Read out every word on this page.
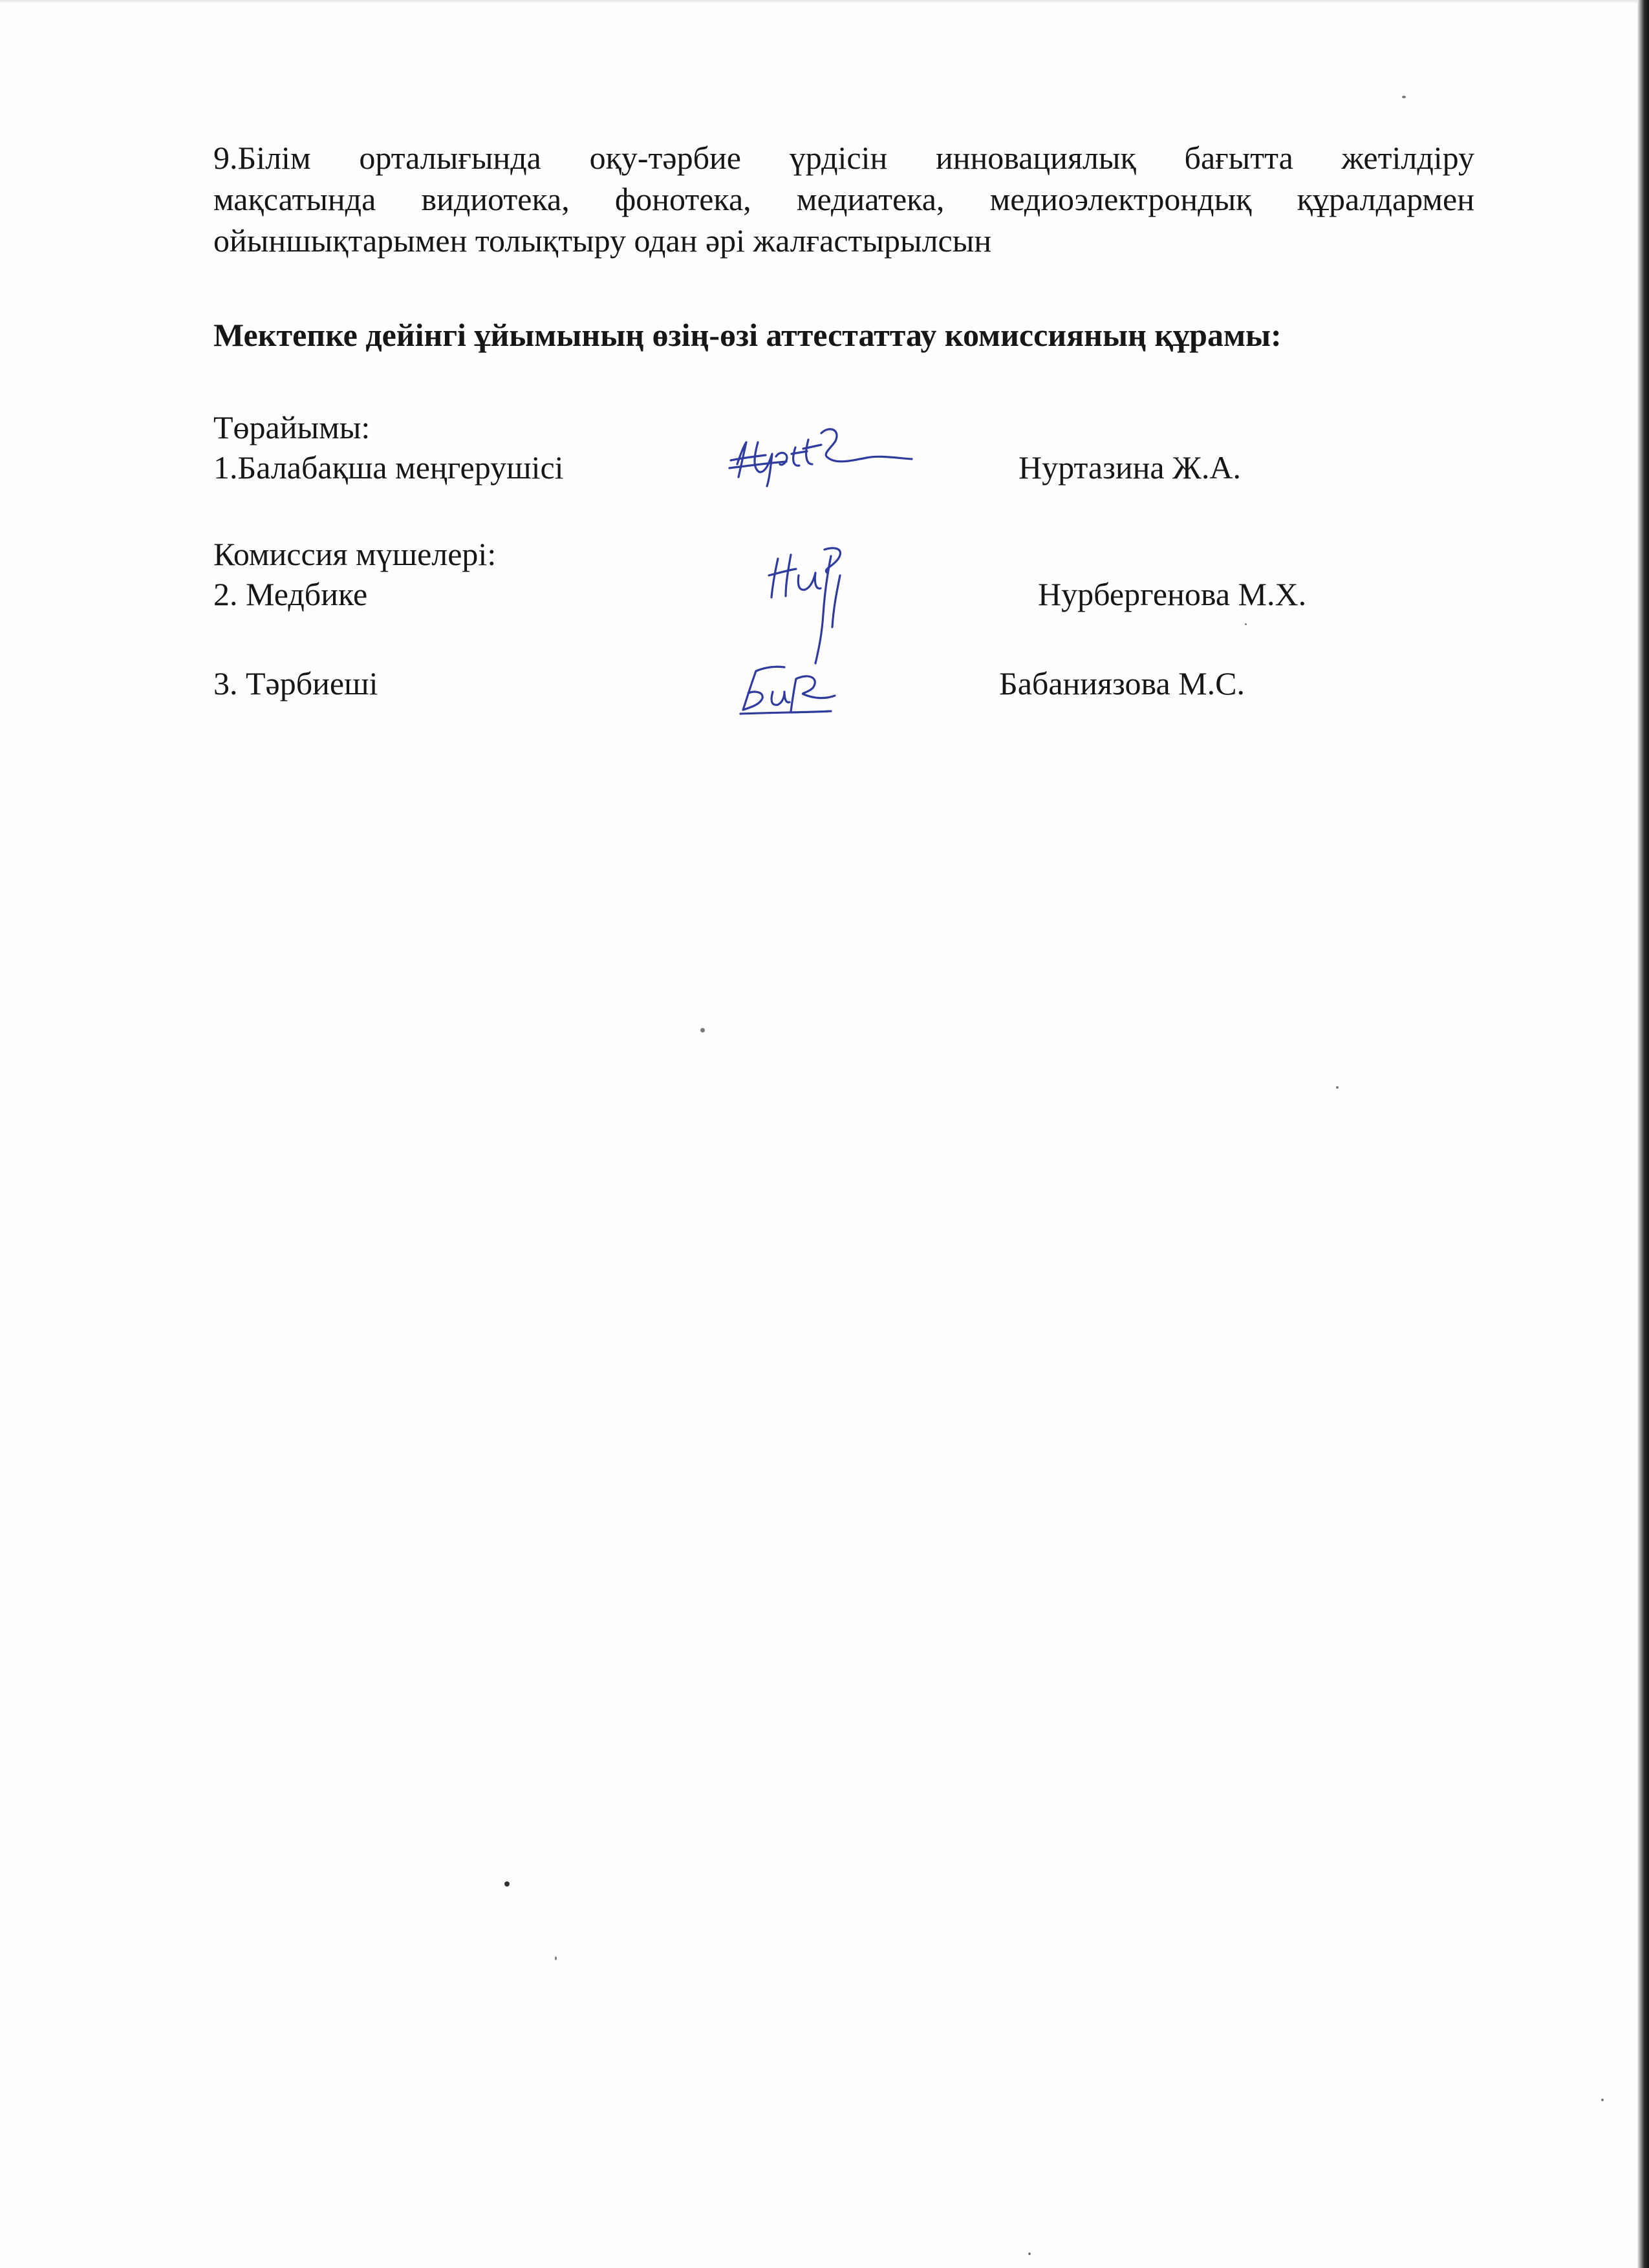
9.Білім орталығында оқу-тәрбие үрдісін инновациялық бағытта жетілдіру
мақсатында видиотека, фонотека, медиатека, медиоэлектрондық құралдармен
ойыншықтарымен толықтыру одан әрі жалғастырылсын

Мектепке дейінгі ұйымының өзің-өзі аттестаттау комиссияның құрамы:

Төрайымы:
1.Балабақша меңгерушісі	Нуртазина Ж.А.
Комиссия мүшелері:
2. Медбике	Нурбергенова М.Х.
3. Тәрбиеші	Бабаниязова М.С.
